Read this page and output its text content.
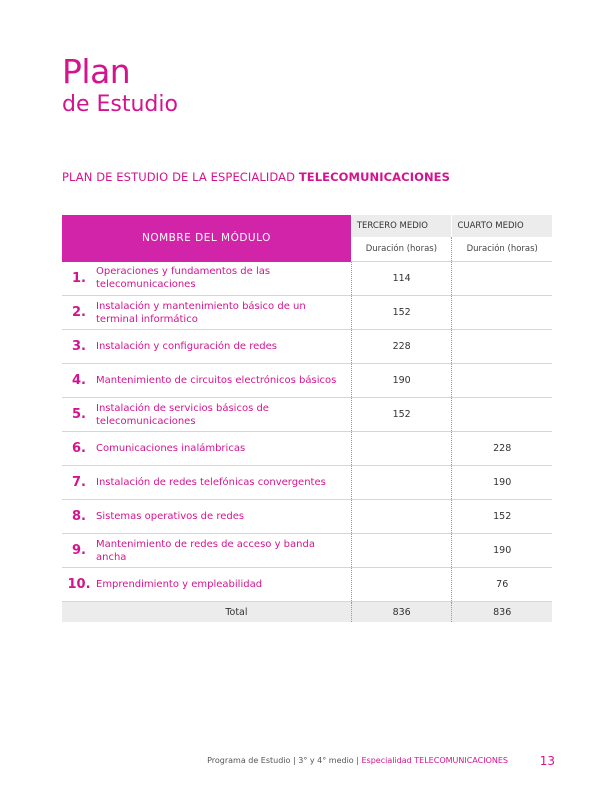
Plan
de Estudio
PLAN DE ESTUDIO DE LA ESPECIALIDAD TELECOMUNICACIONES
NOMBRE DEL MÓDULO	TERCERO MEDIO	CUARTO MEDIO
	Duración (horas)	Duración (horas)

1. Operaciones y fundamentos de las telecomunicaciones	114	

2. Instalación y mantenimiento básico de un terminal informático	152	

3. Instalación y configuración de redes	228	

4. Mantenimiento de circuitos electrónicos básicos	190	

5. Instalación de servicios básicos de telecomunicaciones	152	

6. Comunicaciones inalámbricas		228

7. Instalación de redes telefónicas convergentes		190

8. Sistemas operativos de redes		152

9. Mantenimiento de redes de acceso y banda ancha		190

10. Emprendimiento y empleabilidad		76
Total	836	836
Programa de Estudio | 3° y 4° medio | Especialidad TELECOMUNICACIONES	13
